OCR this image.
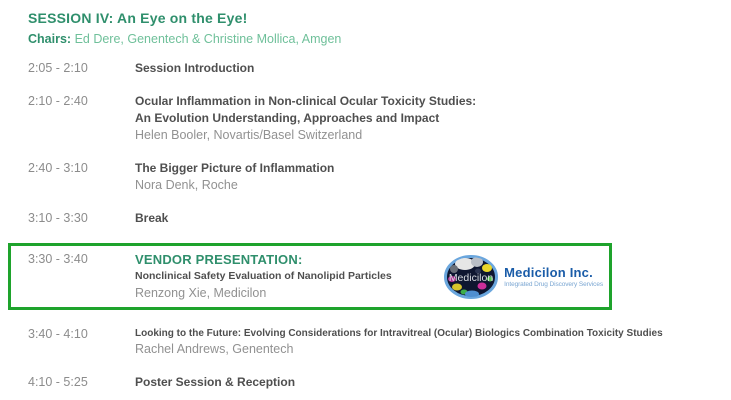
SESSION IV: An Eye on the Eye!

Chairs: Ed Dere, Genentech & Christine Mollica, Amgen

2:05 - 2:10	Session Introduction
2:10 - 2:40	Ocular Inflammation in Non-clinical Ocular Toxicity Studies:
An Evolution Understanding, Approaches and Impact
Helen Booler, Novartis/Basel Switzerland
2:40 - 3:10	The Bigger Picture of Inflammation
Nora Denk, Roche
3:10 - 3:30	Break
3:30 - 3:40	VENDOR PRESENTATION:
Nonclinical Safety Evaluation of Nanolipid Particles
Renzong Xie, Medicilon
Medicilon Medicilon Inc.
Integrated Drug Discovery Services
3:40 - 4:10	Looking to the Future: Evolving Considerations for Intravitreal (Ocular) Biologics Combination Toxicity Studies
Rachel Andrews, Genentech
4:10 - 5:25	Poster Session & Reception
